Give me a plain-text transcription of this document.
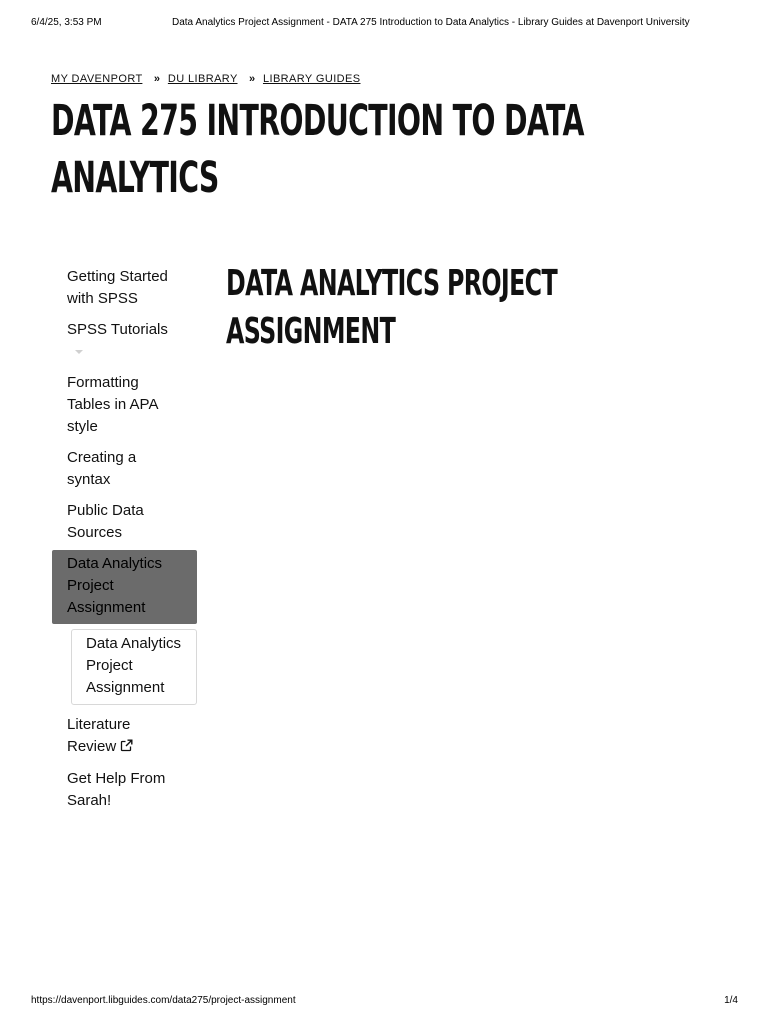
6/4/25, 3:53 PM	Data Analytics Project Assignment - DATA 275 Introduction to Data Analytics - Library Guides at Davenport University
MY DAVENPORT » DU LIBRARY » LIBRARY GUIDES
DATA 275 INTRODUCTION TO DATA ANALYTICS
Getting Started with SPSS
SPSS Tutorials
Formatting Tables in APA style
Creating a syntax
Public Data Sources
Data Analytics Project Assignment
Data Analytics Project Assignment
Literature Review
Get Help From Sarah!
DATA ANALYTICS PROJECT ASSIGNMENT
https://davenport.libguides.com/data275/project-assignment	1/4
